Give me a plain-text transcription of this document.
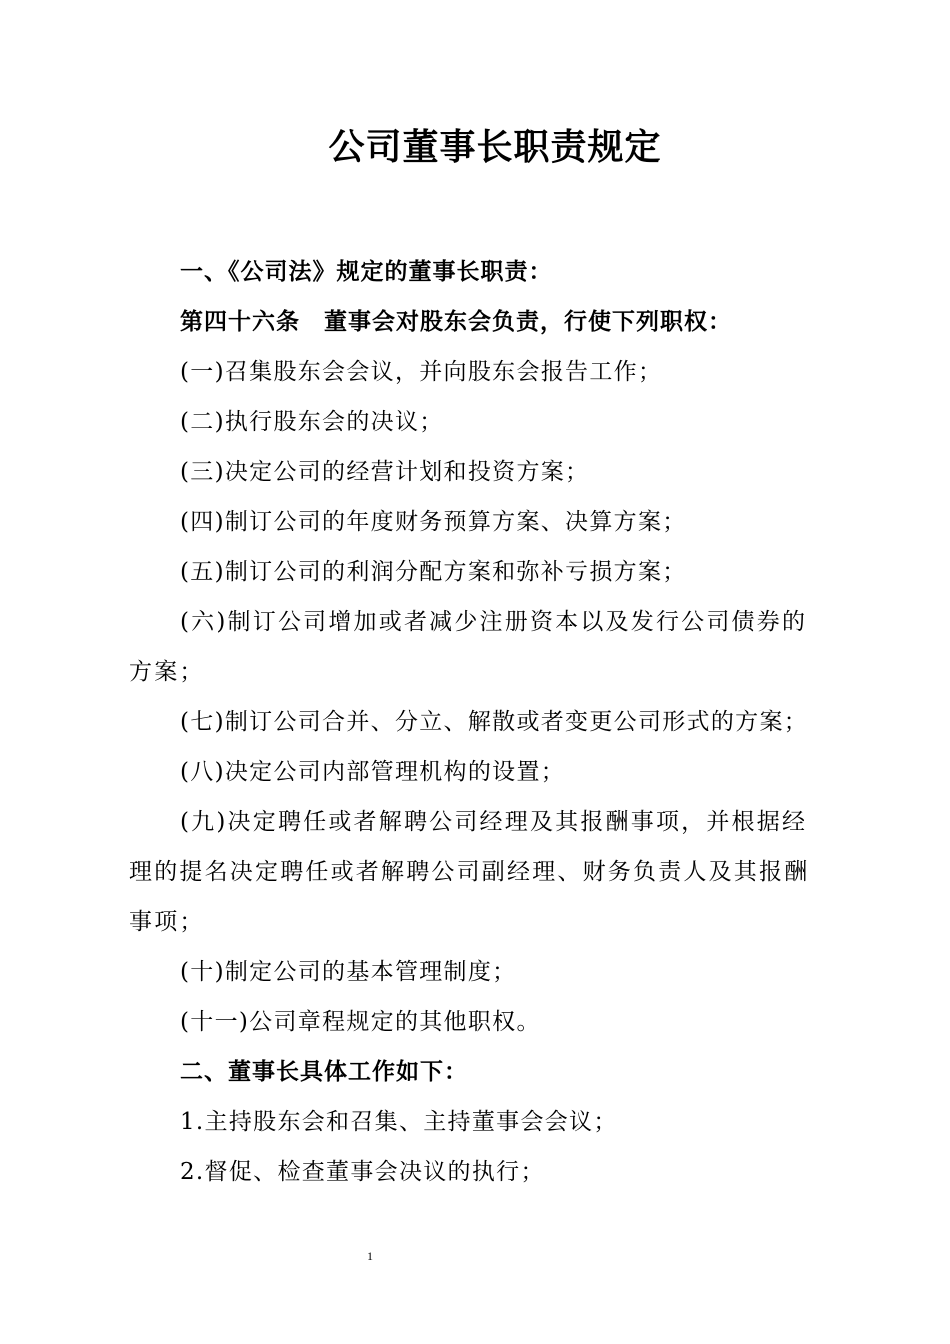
公司董事长职责规定

一、《公司法》规定的董事长职责：

第四十六条　董事会对股东会负责，行使下列职权：

(一)召集股东会会议，并向股东会报告工作；

(二)执行股东会的决议；

(三)决定公司的经营计划和投资方案；

(四)制订公司的年度财务预算方案、决算方案；

(五)制订公司的利润分配方案和弥补亏损方案；

(六)制订公司增加或者减少注册资本以及发行公司债券的方案；

(七)制订公司合并、分立、解散或者变更公司形式的方案；

(八)决定公司内部管理机构的设置；

(九)决定聘任或者解聘公司经理及其报酬事项，并根据经理的提名决定聘任或者解聘公司副经理、财务负责人及其报酬事项；

(十)制定公司的基本管理制度；

(十一)公司章程规定的其他职权。

二、董事长具体工作如下：

1.主持股东会和召集、主持董事会会议；

2.督促、检查董事会决议的执行；

1
